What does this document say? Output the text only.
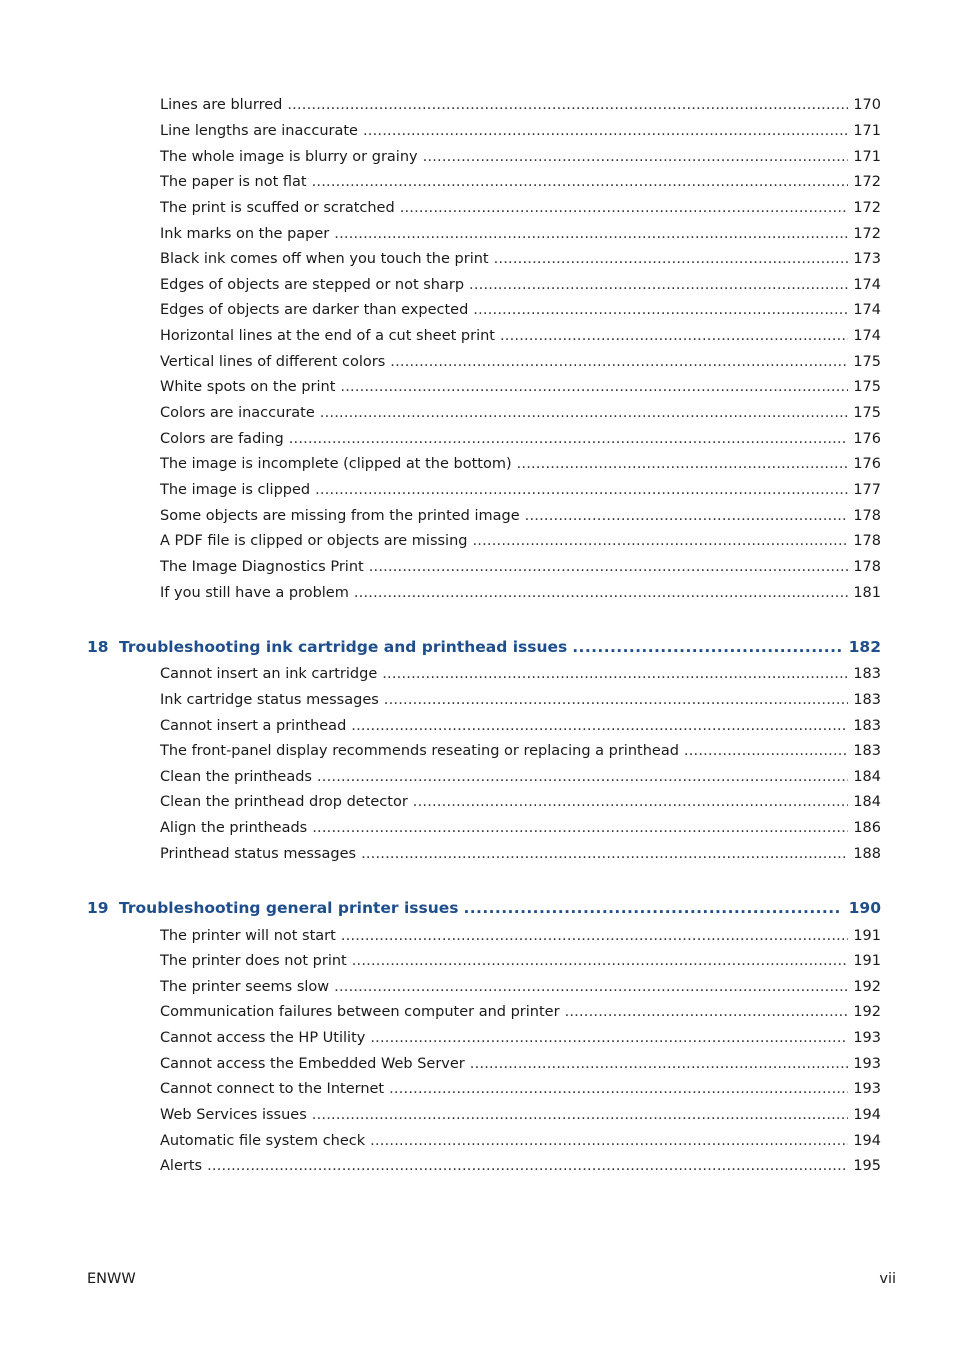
Lines are blurred .....	170
Line lengths are inaccurate .....	171
The whole image is blurry or grainy .....	171
The paper is not flat .....	172
The print is scuffed or scratched .....	172
Ink marks on the paper .....	172
Black ink comes off when you touch the print .....	173
Edges of objects are stepped or not sharp .....	174
Edges of objects are darker than expected .....	174
Horizontal lines at the end of a cut sheet print .....	174
Vertical lines of different colors .....	175
White spots on the print .....	175
Colors are inaccurate .....	175
Colors are fading .....	176
The image is incomplete (clipped at the bottom) .....	176
The image is clipped .....	177
Some objects are missing from the printed image .....	178
A PDF file is clipped or objects are missing .....	178
The Image Diagnostics Print .....	178
If you still have a problem .....	181
18 Troubleshooting ink cartridge and printhead issues .....	182
Cannot insert an ink cartridge .....	183
Ink cartridge status messages .....	183
Cannot insert a printhead .....	183
The front-panel display recommends reseating or replacing a printhead .....	183
Clean the printheads .....	184
Clean the printhead drop detector .....	184
Align the printheads .....	186
Printhead status messages .....	188
19 Troubleshooting general printer issues .....	190
The printer will not start .....	191
The printer does not print .....	191
The printer seems slow .....	192
Communication failures between computer and printer .....	192
Cannot access the HP Utility .....	193
Cannot access the Embedded Web Server .....	193
Cannot connect to the Internet .....	193
Web Services issues .....	194
Automatic file system check .....	194
Alerts .....	195
ENWW	vii
